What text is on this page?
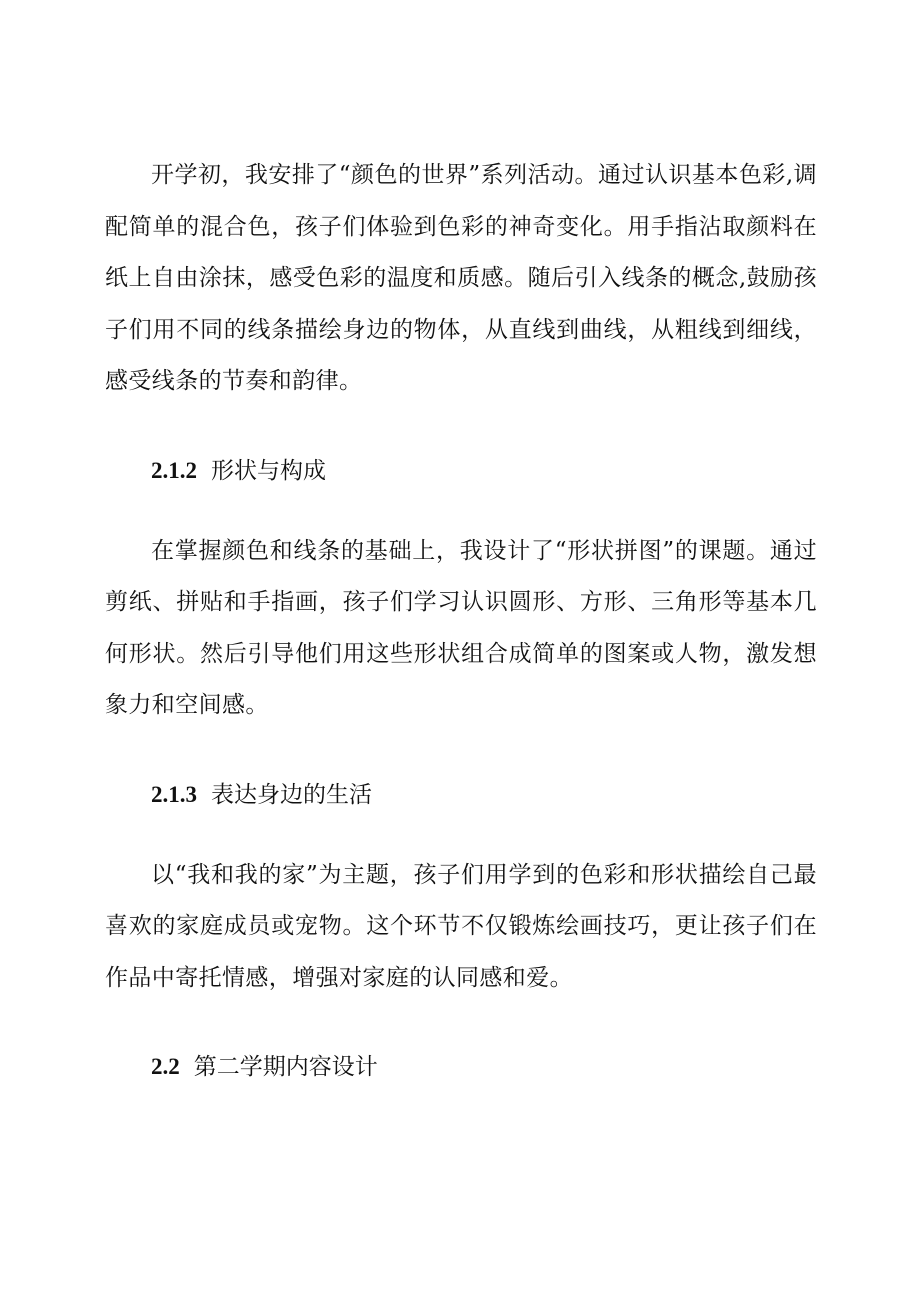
开学初，我安排了“颜色的世界”系列活动。通过认识基本色彩,调配简单的混合色，孩子们体验到色彩的神奇变化。用手指沾取颜料在纸上自由涂抹，感受色彩的温度和质感。随后引入线条的概念,鼓励孩子们用不同的线条描绘身边的物体，从直线到曲线，从粗线到细线，感受线条的节奏和韵律。

2.1.2 形状与构成

在掌握颜色和线条的基础上，我设计了“形状拼图”的课题。通过剪纸、拼贴和手指画，孩子们学习认识圆形、方形、三角形等基本几何形状。然后引导他们用这些形状组合成简单的图案或人物，激发想象力和空间感。

2.1.3 表达身边的生活

以“我和我的家”为主题，孩子们用学到的色彩和形状描绘自己最喜欢的家庭成员或宠物。这个环节不仅锻炼绘画技巧，更让孩子们在作品中寄托情感，增强对家庭的认同感和爱。

2.2 第二学期内容设计
